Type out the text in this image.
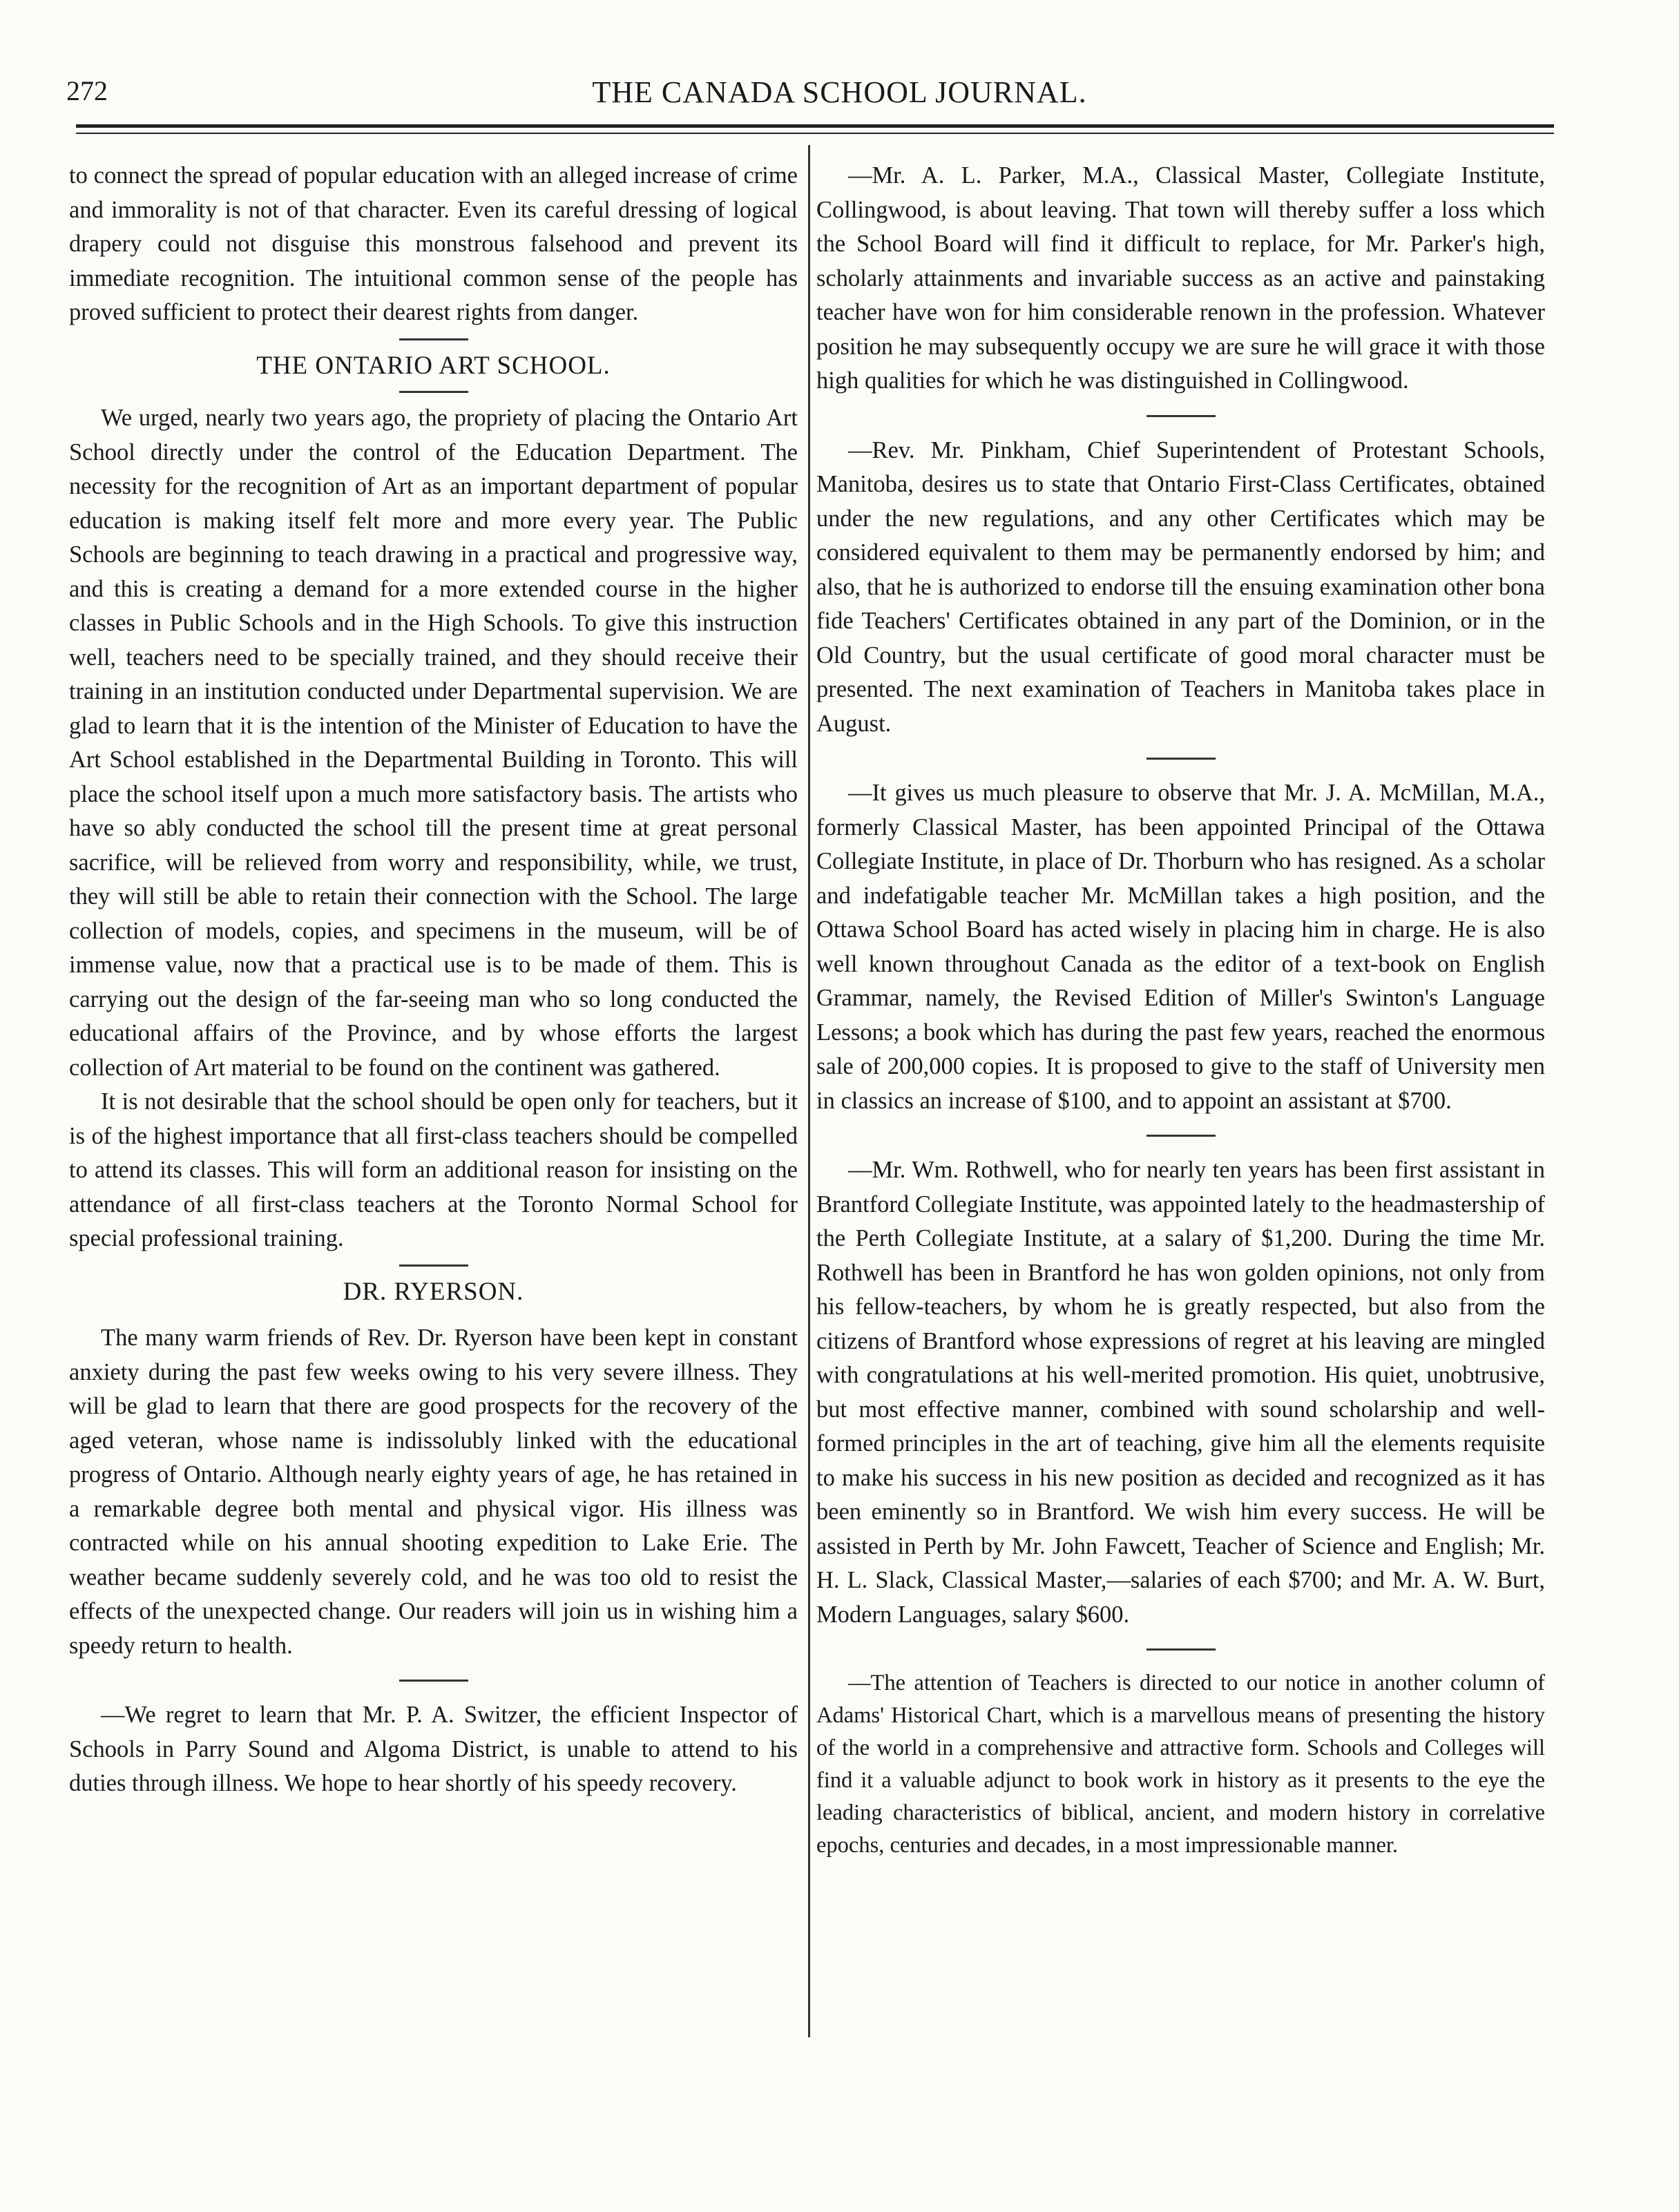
272	THE CANADA SCHOOL JOURNAL.

to connect the spread of popular education with an alleged increase of crime and immorality is not of that character. Even its careful dressing of logical drapery could not disguise this monstrous falsehood and prevent its immediate recognition. The intuitional common sense of the people has proved sufficient to protect their dearest rights from danger.

THE ONTARIO ART SCHOOL.

We urged, nearly two years ago, the propriety of placing the Ontario Art School directly under the control of the Education Department. The necessity for the recognition of Art as an important department of popular education is making itself felt more and more every year. The Public Schools are beginning to teach drawing in a practical and progressive way, and this is creating a demand for a more extended course in the higher classes in Public Schools and in the High Schools. To give this instruction well, teachers need to be specially trained, and they should receive their training in an institution conducted under Departmental supervision. We are glad to learn that it is the intention of the Minister of Education to have the Art School established in the Departmental Building in Toronto. This will place the school itself upon a much more satisfactory basis. The artists who have so ably conducted the school till the present time at great personal sacrifice, will be relieved from worry and responsibility, while, we trust, they will still be able to retain their connection with the School. The large collection of models, copies, and specimens in the museum, will be of immense value, now that a practical use is to be made of them. This is carrying out the design of the far-seeing man who so long conducted the educational affairs of the Province, and by whose efforts the largest collection of Art material to be found on the continent was gathered.

It is not desirable that the school should be open only for teachers, but it is of the highest importance that all first-class teachers should be compelled to attend its classes. This will form an additional reason for insisting on the attendance of all first-class teachers at the Toronto Normal School for special professional training.

DR. RYERSON.

The many warm friends of Rev. Dr. Ryerson have been kept in constant anxiety during the past few weeks owing to his very severe illness. They will be glad to learn that there are good prospects for the recovery of the aged veteran, whose name is indissolubly linked with the educational progress of Ontario. Although nearly eighty years of age, he has retained in a remarkable degree both mental and physical vigor. His illness was contracted while on his annual shooting expedition to Lake Erie. The weather became suddenly severely cold, and he was too old to resist the effects of the unexpected change. Our readers will join us in wishing him a speedy return to health.

—We regret to learn that Mr. P. A. Switzer, the efficient Inspector of Schools in Parry Sound and Algoma District, is unable to attend to his duties through illness. We hope to hear shortly of his speedy recovery.

—Mr. A. L. Parker, M.A., Classical Master, Collegiate Institute, Collingwood, is about leaving. That town will thereby suffer a loss which the School Board will find it difficult to replace, for Mr. Parker's high, scholarly attainments and invariable success as an active and painstaking teacher have won for him considerable renown in the profession. Whatever position he may subsequently occupy we are sure he will grace it with those high qualities for which he was distinguished in Collingwood.

—Rev. Mr. Pinkham, Chief Superintendent of Protestant Schools, Manitoba, desires us to state that Ontario First-Class Certificates, obtained under the new regulations, and any other Certificates which may be considered equivalent to them may be permanently endorsed by him; and also, that he is authorized to endorse till the ensuing examination other bona fide Teachers' Certificates obtained in any part of the Dominion, or in the Old Country, but the usual certificate of good moral character must be presented. The next examination of Teachers in Manitoba takes place in August.

—It gives us much pleasure to observe that Mr. J. A. McMillan, M.A., formerly Classical Master, has been appointed Principal of the Ottawa Collegiate Institute, in place of Dr. Thorburn who has resigned. As a scholar and indefatigable teacher Mr. McMillan takes a high position, and the Ottawa School Board has acted wisely in placing him in charge. He is also well known throughout Canada as the editor of a text-book on English Grammar, namely, the Revised Edition of Miller's Swinton's Language Lessons; a book which has during the past few years, reached the enormous sale of 200,000 copies. It is proposed to give to the staff of University men in classics an increase of $100, and to appoint an assistant at $700.

—Mr. Wm. Rothwell, who for nearly ten years has been first assistant in Brantford Collegiate Institute, was appointed lately to the headmastership of the Perth Collegiate Institute, at a salary of $1,200. During the time Mr. Rothwell has been in Brantford he has won golden opinions, not only from his fellow-teachers, by whom he is greatly respected, but also from the citizens of Brantford whose expressions of regret at his leaving are mingled with congratulations at his well-merited promotion. His quiet, unobtrusive, but most effective manner, combined with sound scholarship and well-formed principles in the art of teaching, give him all the elements requisite to make his success in his new position as decided and recognized as it has been eminently so in Brantford. We wish him every success. He will be assisted in Perth by Mr. John Fawcett, Teacher of Science and English; Mr. H. L. Slack, Classical Master,—salaries of each $700; and Mr. A. W. Burt, Modern Languages, salary $600.

—The attention of Teachers is directed to our notice in another column of Adams' Historical Chart, which is a marvellous means of presenting the history of the world in a comprehensive and attractive form. Schools and Colleges will find it a valuable adjunct to book work in history as it presents to the eye the leading characteristics of biblical, ancient, and modern history in correlative epochs, centuries and decades, in a most impressionable manner.
